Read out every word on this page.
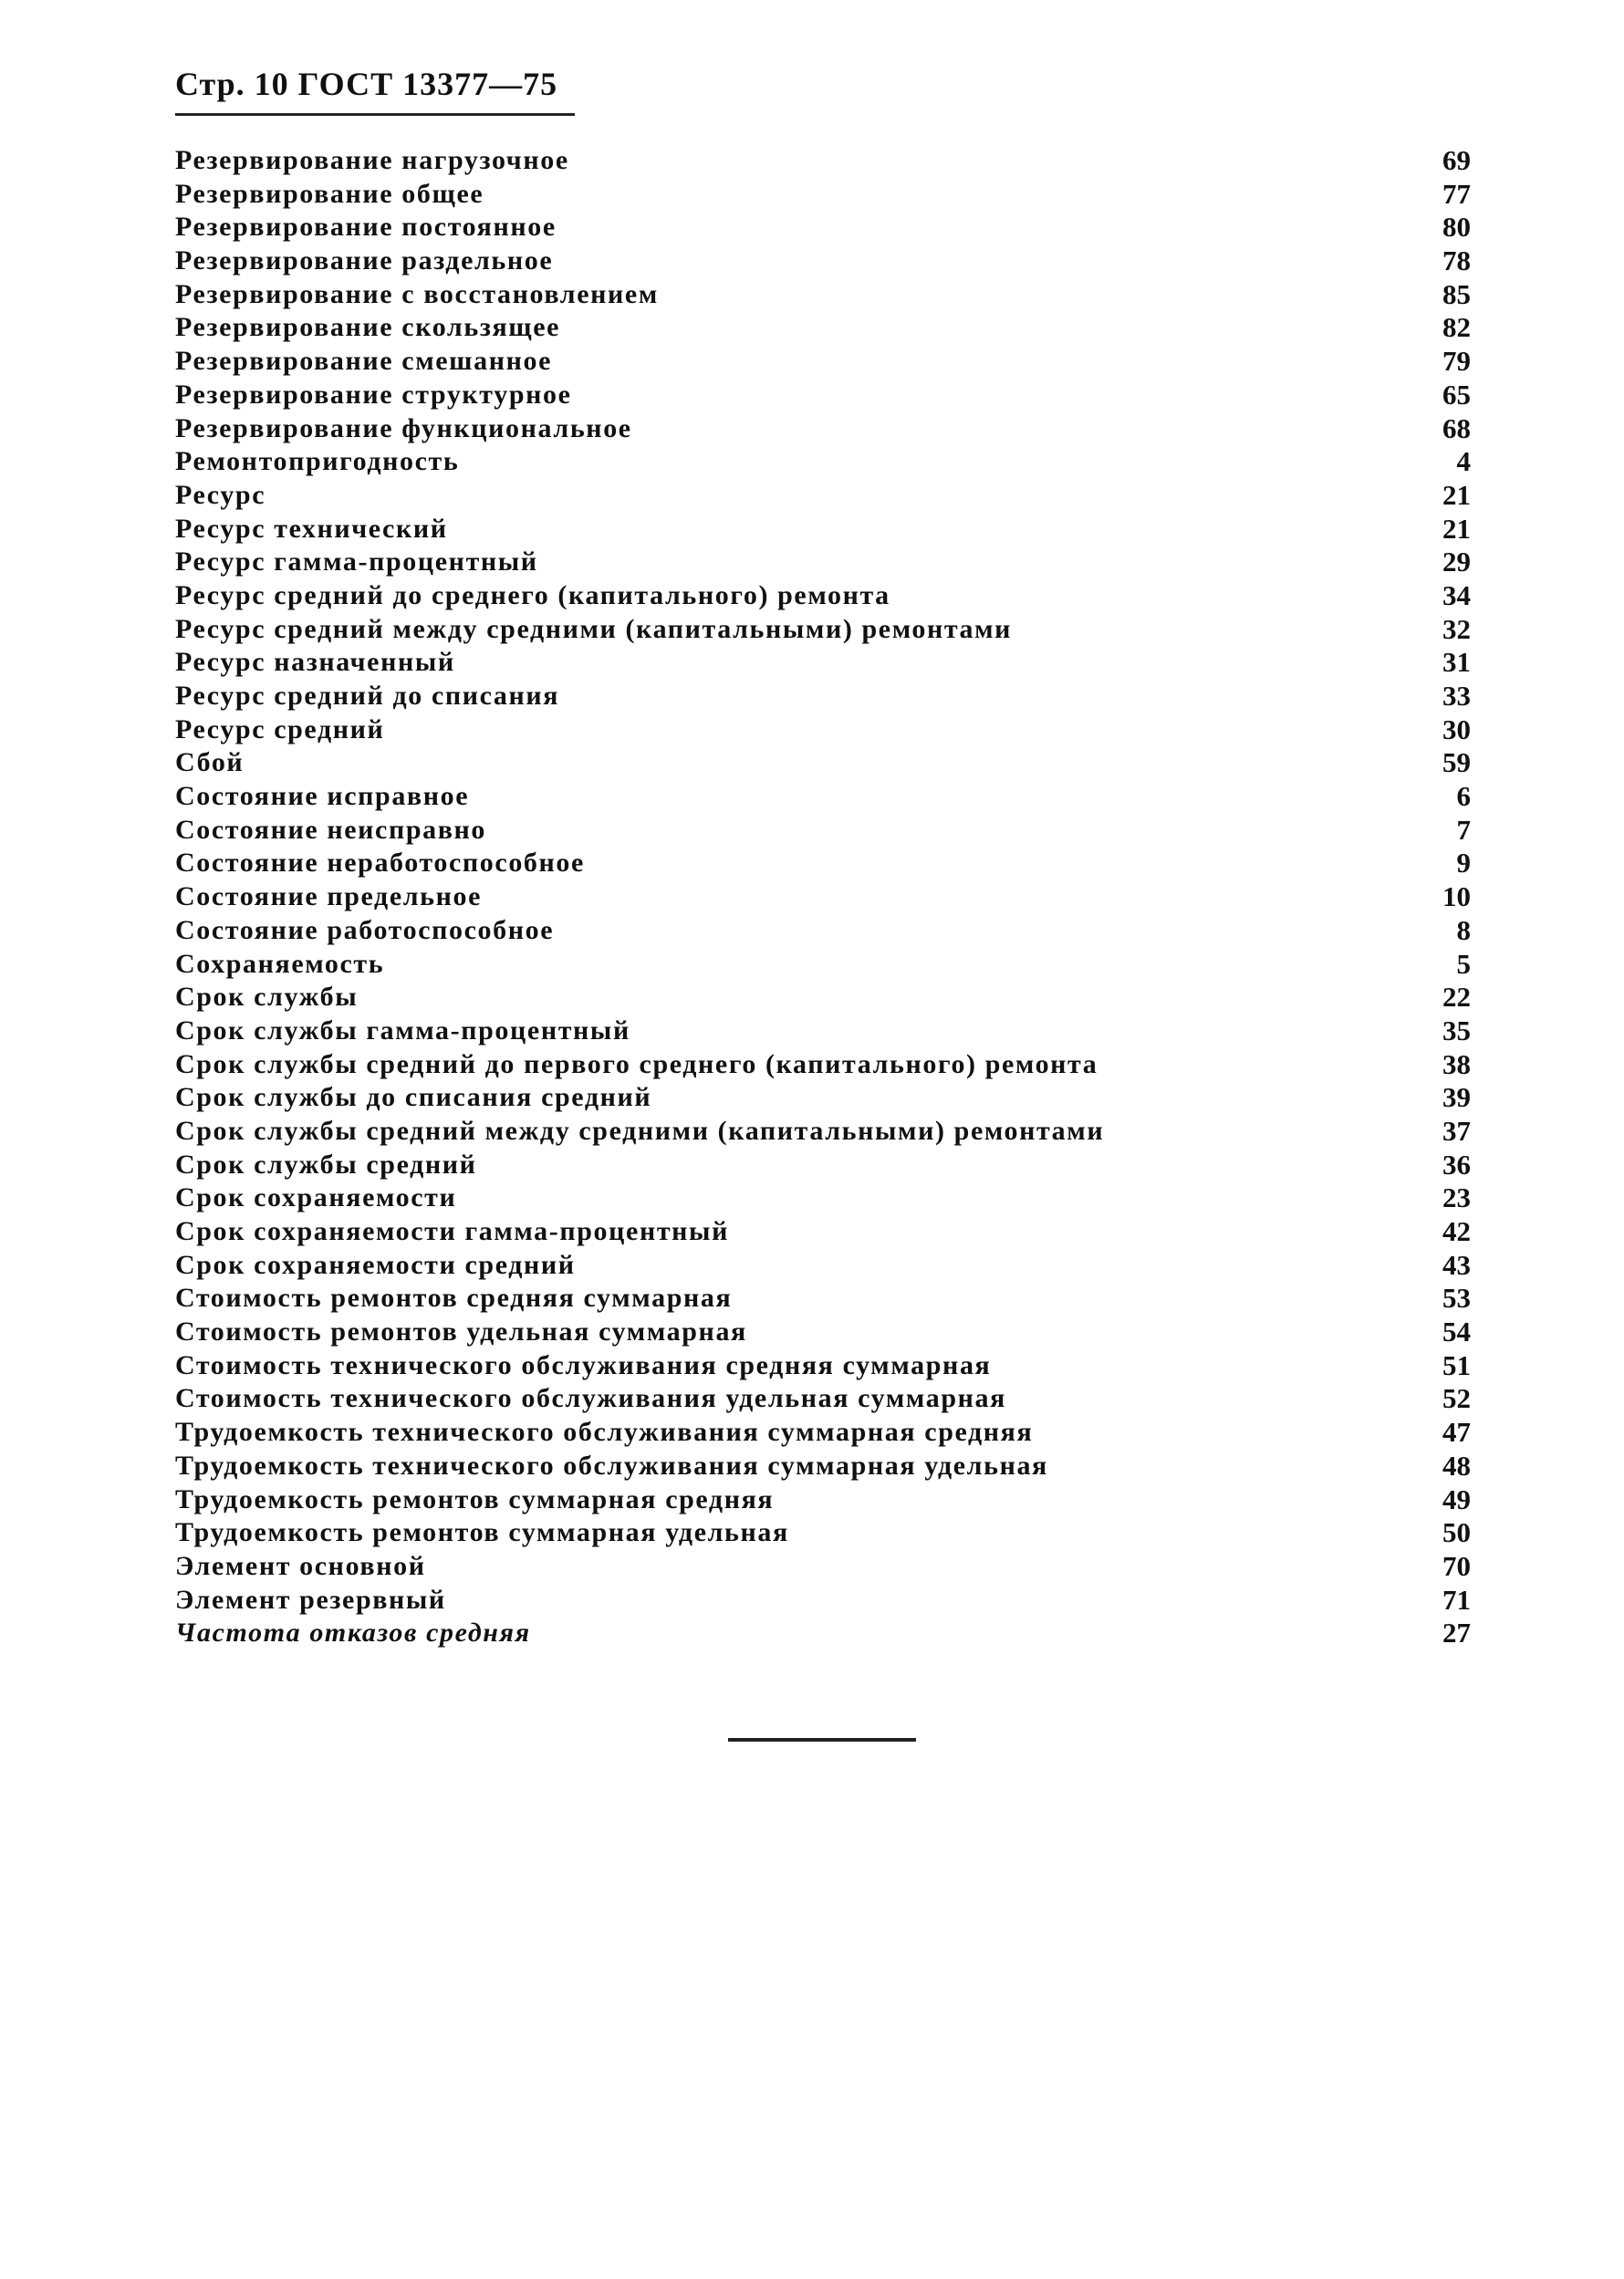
Стр. 10 ГОСТ 13377—75
Резервирование нагрузочное	69
Резервирование общее	77
Резервирование постоянное	80
Резервирование раздельное	78
Резервирование с восстановлением	85
Резервирование скользящее	82
Резервирование смешанное	79
Резервирование структурное	65
Резервирование функциональное	68
Ремонтопригодность	4
Ресурс	21
Ресурс технический	21
Ресурс гамма-процентный	29
Ресурс средний до среднего (капитального) ремонта	34
Ресурс средний между средними (капитальными) ремонтами	32
Ресурс назначенный	31
Ресурс средний до списания	33
Ресурс средний	30
Сбой	59
Состояние исправное	6
Состояние неисправно	7
Состояние неработоспособное	9
Состояние предельное	10
Состояние работоспособное	8
Сохраняемость	5
Срок службы	22
Срок службы гамма-процентный	35
Срок службы средний до первого среднего (капитального) ремонта	38
Срок службы до списания средний	39
Срок службы средний между средними (капитальными) ремонтами	37
Срок службы средний	36
Срок сохраняемости	23
Срок сохраняемости гамма-процентный	42
Срок сохраняемости средний	43
Стоимость ремонтов средняя суммарная	53
Стоимость ремонтов удельная суммарная	54
Стоимость технического обслуживания средняя суммарная	51
Стоимость технического обслуживания удельная суммарная	52
Трудоемкость технического обслуживания суммарная средняя	47
Трудоемкость технического обслуживания суммарная удельная	48
Трудоемкость ремонтов суммарная средняя	49
Трудоемкость ремонтов суммарная удельная	50
Элемент основной	70
Элемент резервный	71
Частота отказов средняя	27
